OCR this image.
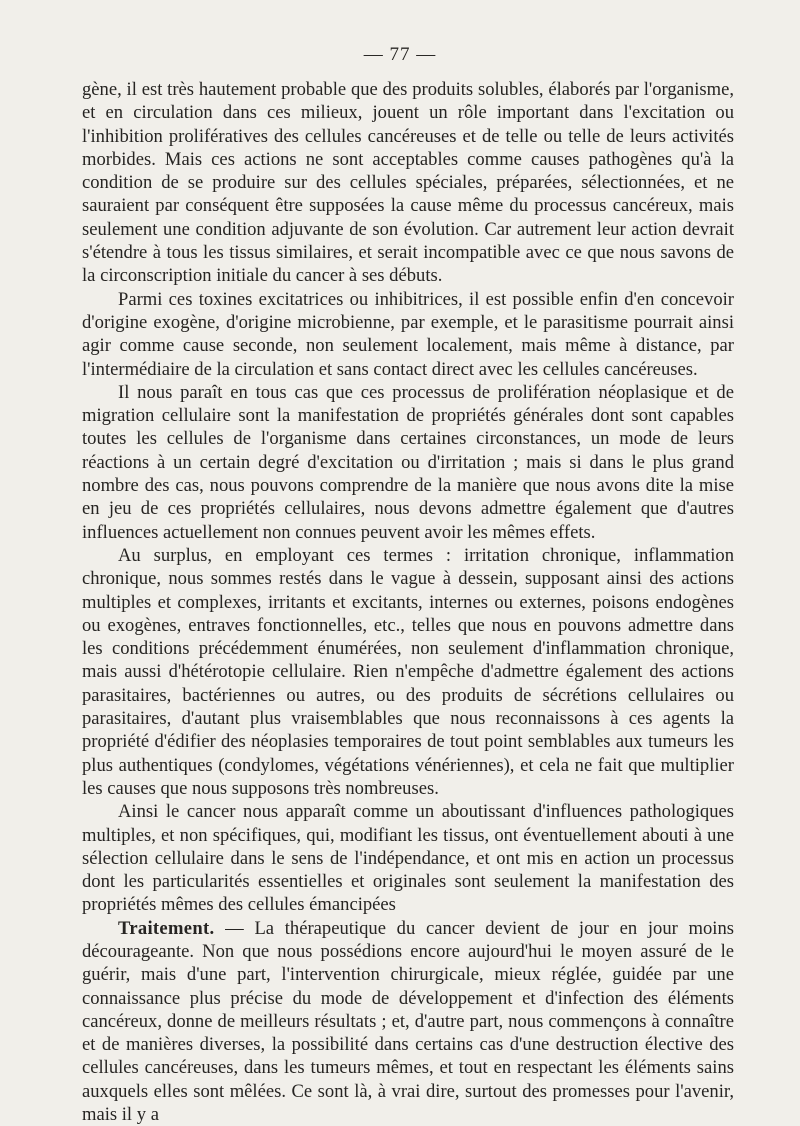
— 77 —

gène, il est très hautement probable que des produits solubles, élaborés par l'organisme, et en circulation dans ces milieux, jouent un rôle important dans l'excitation ou l'inhibition prolifératives des cellules cancéreuses et de telle ou telle de leurs activités morbides. Mais ces actions ne sont acceptables comme causes pathogènes qu'à la condition de se produire sur des cellules spéciales, préparées, sélectionnées, et ne sauraient par conséquent être supposées la cause même du processus cancéreux, mais seulement une condition adjuvante de son évolution. Car autrement leur action devrait s'étendre à tous les tissus similaires, et serait incompatible avec ce que nous savons de la circonscription initiale du cancer à ses débuts.

Parmi ces toxines excitatrices ou inhibitrices, il est possible enfin d'en concevoir d'origine exogène, d'origine microbienne, par exemple, et le parasitisme pourrait ainsi agir comme cause seconde, non seulement localement, mais même à distance, par l'intermédiaire de la circulation et sans contact direct avec les cellules cancéreuses.

Il nous paraît en tous cas que ces processus de prolifération néoplasique et de migration cellulaire sont la manifestation de propriétés générales dont sont capables toutes les cellules de l'organisme dans certaines circonstances, un mode de leurs réactions à un certain degré d'excitation ou d'irritation ; mais si dans le plus grand nombre des cas, nous pouvons comprendre de la manière que nous avons dite la mise en jeu de ces propriétés cellulaires, nous devons admettre également que d'autres influences actuellement non connues peuvent avoir les mêmes effets.

Au surplus, en employant ces termes : irritation chronique, inflammation chronique, nous sommes restés dans le vague à dessein, supposant ainsi des actions multiples et complexes, irritants et excitants, internes ou externes, poisons endogènes ou exogènes, entraves fonctionnelles, etc., telles que nous en pouvons admettre dans les conditions précédemment énumérées, non seulement d'inflammation chronique, mais aussi d'hétérotopie cellulaire. Rien n'empêche d'admettre également des actions parasitaires, bactériennes ou autres, ou des produits de sécrétions cellulaires ou parasitaires, d'autant plus vraisemblables que nous reconnaissons à ces agents la propriété d'édifier des néoplasies temporaires de tout point semblables aux tumeurs les plus authentiques (condylomes, végétations vénériennes), et cela ne fait que multiplier les causes que nous supposons très nombreuses.

Ainsi le cancer nous apparaît comme un aboutissant d'influences pathologiques multiples, et non spécifiques, qui, modifiant les tissus, ont éventuellement abouti à une sélection cellulaire dans le sens de l'indépendance, et ont mis en action un processus dont les particularités essentielles et originales sont seulement la manifestation des propriétés mêmes des cellules émancipées

Traitement. — La thérapeutique du cancer devient de jour en jour moins décourageante. Non que nous possédions encore aujourd'hui le moyen assuré de le guérir, mais d'une part, l'intervention chirurgicale, mieux réglée, guidée par une connaissance plus précise du mode de développement et d'infection des éléments cancéreux, donne de meilleurs résultats ; et, d'autre part, nous commençons à connaître et de manières diverses, la possibilité dans certains cas d'une destruction élective des cellules cancéreuses, dans les tumeurs mêmes, et tout en respectant les éléments sains auxquels elles sont mêlées. Ce sont là, à vrai dire, surtout des promesses pour l'avenir, mais il y a
